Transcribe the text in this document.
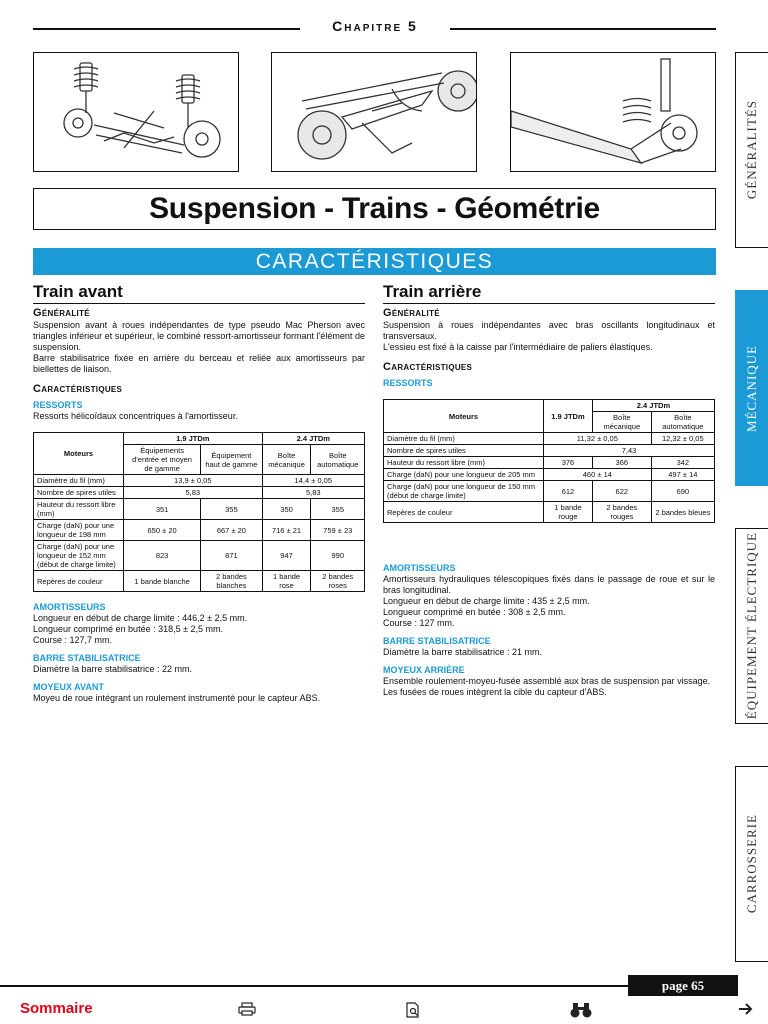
Chapitre 5
Suspension - Trains - Géométrie
CARACTÉRISTIQUES
Train avant
Généralité
Suspension avant à roues indépendantes de type pseudo Mac Pherson avec triangles inférieur et supérieur, le combiné ressort-amortisseur formant l'élément de suspension.
Barre stabilisatrice fixée en arrière du berceau et reliée aux amortisseurs par biellettes de liaison.
Caractéristiques
RESSORTS
Ressorts hélicoïdaux concentriques à l'amortisseur.
Moteurs	1.9 JTDm		2.4 JTDm	
	Équipements d'entrée et moyen de gamme	Équipement haut de gamme	Boîte mécanique	Boîte automatique
Diamètre du fil (mm)	13,9 ± 0,05		14,4 ± 0,05	
Nombre de spires utiles	5,83		5,83	
Hauteur du ressort libre (mm)	351	355	350	355
Charge (daN) pour une longueur de 198 mm	650 ± 20	667 ± 20	716 ± 21	759 ± 23
Charge (daN) pour une longueur de 152 mm (début de charge limite)	823	871	947	990
Repères de couleur	1 bande blanche	2 bandes blanches	1 bande rose	2 bandes roses
AMORTISSEURS
Longueur en début de charge limite : 446,2 ± 2,5 mm.
Longueur comprimé en butée : 318,5 ± 2,5 mm.
Course : 127,7 mm.
BARRE STABILISATRICE
Diamètre la barre stabilisatrice : 22 mm.
MOYEUX AVANT
Moyeu de roue intégrant un roulement instrumenté pour le capteur ABS.
Train arrière
Généralité
Suspension à roues indépendantes avec bras oscillants longitudinaux et transversaux.
L'essieu est fixé à la caisse par l'intermédiaire de paliers élastiques.
Caractéristiques
RESSORTS
Moteurs	1.9 JTDm	2.4 JTDm	
		Boîte mécanique	Boîte automatique
Diamètre du fil (mm)	11,32 ± 0,05		12,32 ± 0,05
Nombre de spires utiles	7,43		
Hauteur du ressort libre (mm)	376	366	342
Charge (daN) pour une longueur de 205 mm	460 ± 14		497 ± 14
Charge (daN) pour une longueur de 150 mm (début de charge limite)	612	622	690
Repères de couleur	1 bande rouge	2 bandes rouges	2 bandes bleues
AMORTISSEURS
Amortisseurs hydrauliques télescopiques fixés dans le passage de roue et sur le bras longitudinal.
Longueur en début de charge limite : 435 ± 2,5 mm.
Longueur comprimé en butée : 308 ± 2,5 mm.
Course : 127 mm.
BARRE STABILISATRICE
Diamètre la barre stabilisatrice : 21 mm.
MOYEUX ARRIÈRE
Ensemble roulement-moyeu-fusée assemblé aux bras de suspension par vissage.
Les fusées de roues intègrent la cible du capteur d'ABS.
GÉNÉRALITÉS
MÉCANIQUE
ÉQUIPEMENT ÉLECTRIQUE
CARROSSERIE
page 65
Sommaire
